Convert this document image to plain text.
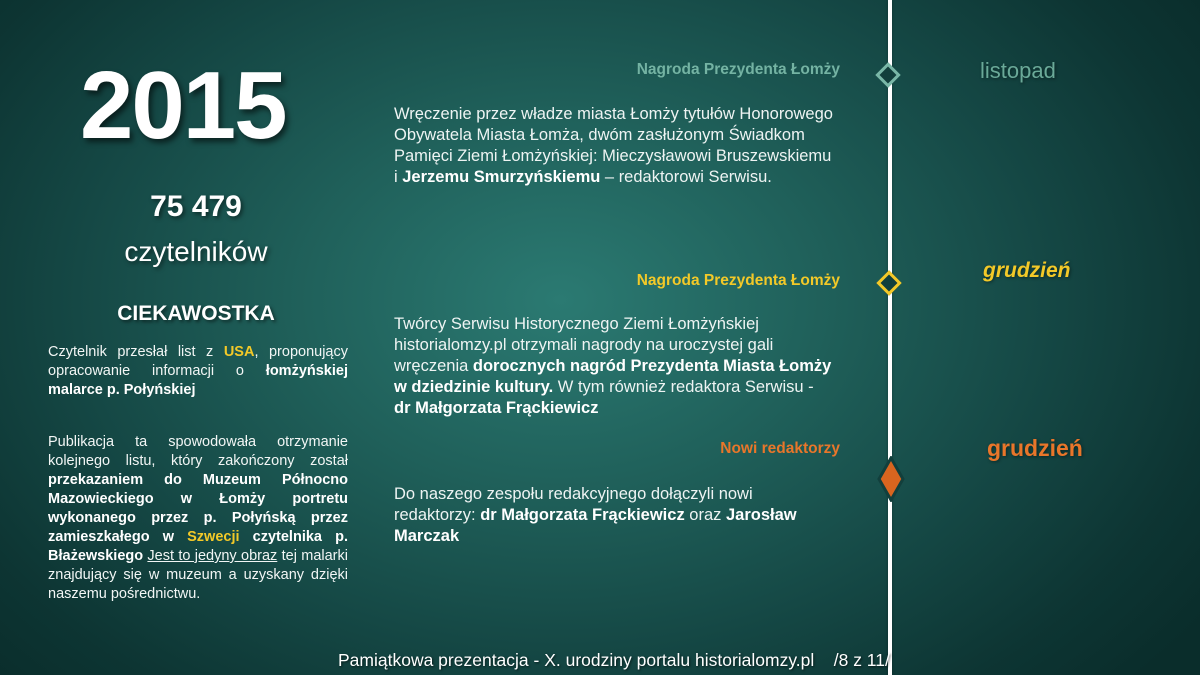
2015
75 479
czytelników
CIEKAWOSTKA
Czytelnik przesłał list z USA, proponujący opracowanie informacji o łomżyńskiej malarce p. Połyńskiej
Publikacja ta spowodowała otrzymanie kolejnego listu, który zakończony został przekazaniem do Muzeum Północno Mazowieckiego w Łomży portretu wykonanego przez p. Połyńską przez zamieszkałego w Szwecji czytelnika p. Błażewskiego Jest to jedyny obraz tej malarki znajdujący się w muzeum a uzyskany dzięki naszemu pośrednictwu.
listopad
grudzień
grudzień
Nagroda Prezydenta Łomży
Nagroda Prezydenta Łomży
Nowi redaktorzy
Wręczenie przez władze miasta Łomży tytułów Honorowego Obywatela Miasta Łomża, dwóm zasłużonym Świadkom Pamięci Ziemi Łomżyńskiej: Mieczysławowi Bruszewskiemu i Jerzemu Smurzyńskiemu – redaktorowi Serwisu.
Twórcy Serwisu Historycznego Ziemi Łomżyńskiej historialomzy.pl otrzymali nagrody na uroczystej gali wręczenia dorocznych nagród Prezydenta Miasta Łomży w dziedzinie kultury. W tym również redaktora Serwisu - dr Małgorzata Frąckiewicz
Do naszego zespołu redakcyjnego dołączyli nowi redaktorzy: dr Małgorzata Frąckiewicz oraz Jarosław Marczak
Pamiątkowa prezentacja - X. urodziny portalu historialomzy.pl /8 z 11/
